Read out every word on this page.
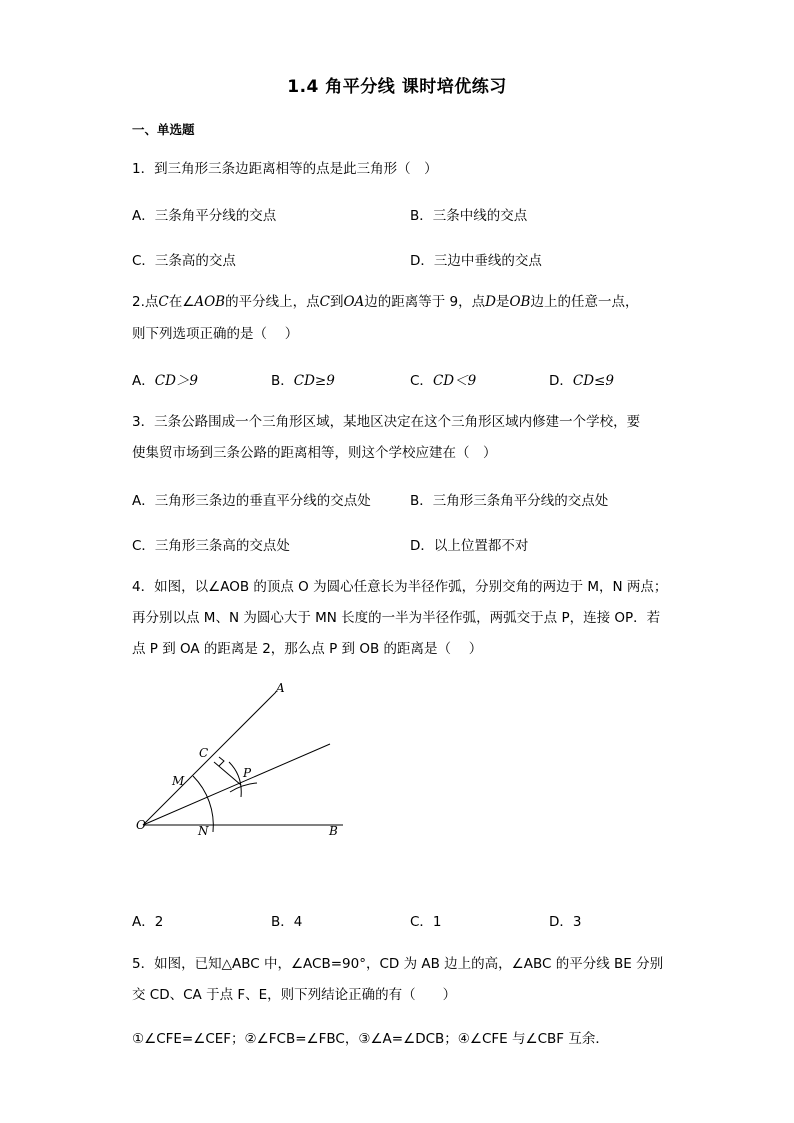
1.4 角平分线 课时培优练习
一、单选题
1．到三角形三条边距离相等的点是此三角形（　）
A．三条角平分线的交点	B．三条中线的交点
C．三条高的交点	D．三边中垂线的交点
2.点C在∠AOB的平分线上，点C到OA边的距离等于 9，点D是OB边上的任意一点，
则下列选项正确的是（　 ）
A．CD＞9	B．CD≥9	C．CD＜9	D．CD≤9
3．三条公路围成一个三角形区域，某地区决定在这个三角形区域内修建一个学校，要
使集贸市场到三条公路的距离相等，则这个学校应建在（　）
A．三角形三条边的垂直平分线的交点处	B．三角形三条角平分线的交点处
C．三角形三条高的交点处	D．以上位置都不对
4．如图，以∠AOB 的顶点 O 为圆心任意长为半径作弧，分别交角的两边于 M，N 两点；
再分别以点 M、N 为圆心大于 MN 长度的一半为半径作弧，两弧交于点 P，连接 OP．若
点 P 到 OA 的距离是 2，那么点 P 到 OB 的距离是（　 ）
A
C
P
M
O	N	B
A．2	B．4	C．1	D．3
5．如图，已知△ABC 中，∠ACB=90°，CD 为 AB 边上的高，∠ABC 的平分线 BE 分别
交 CD、CA 于点 F、E，则下列结论正确的有（　　）
①∠CFE=∠CEF；②∠FCB=∠FBC，③∠A=∠DCB；④∠CFE 与∠CBF 互余．
